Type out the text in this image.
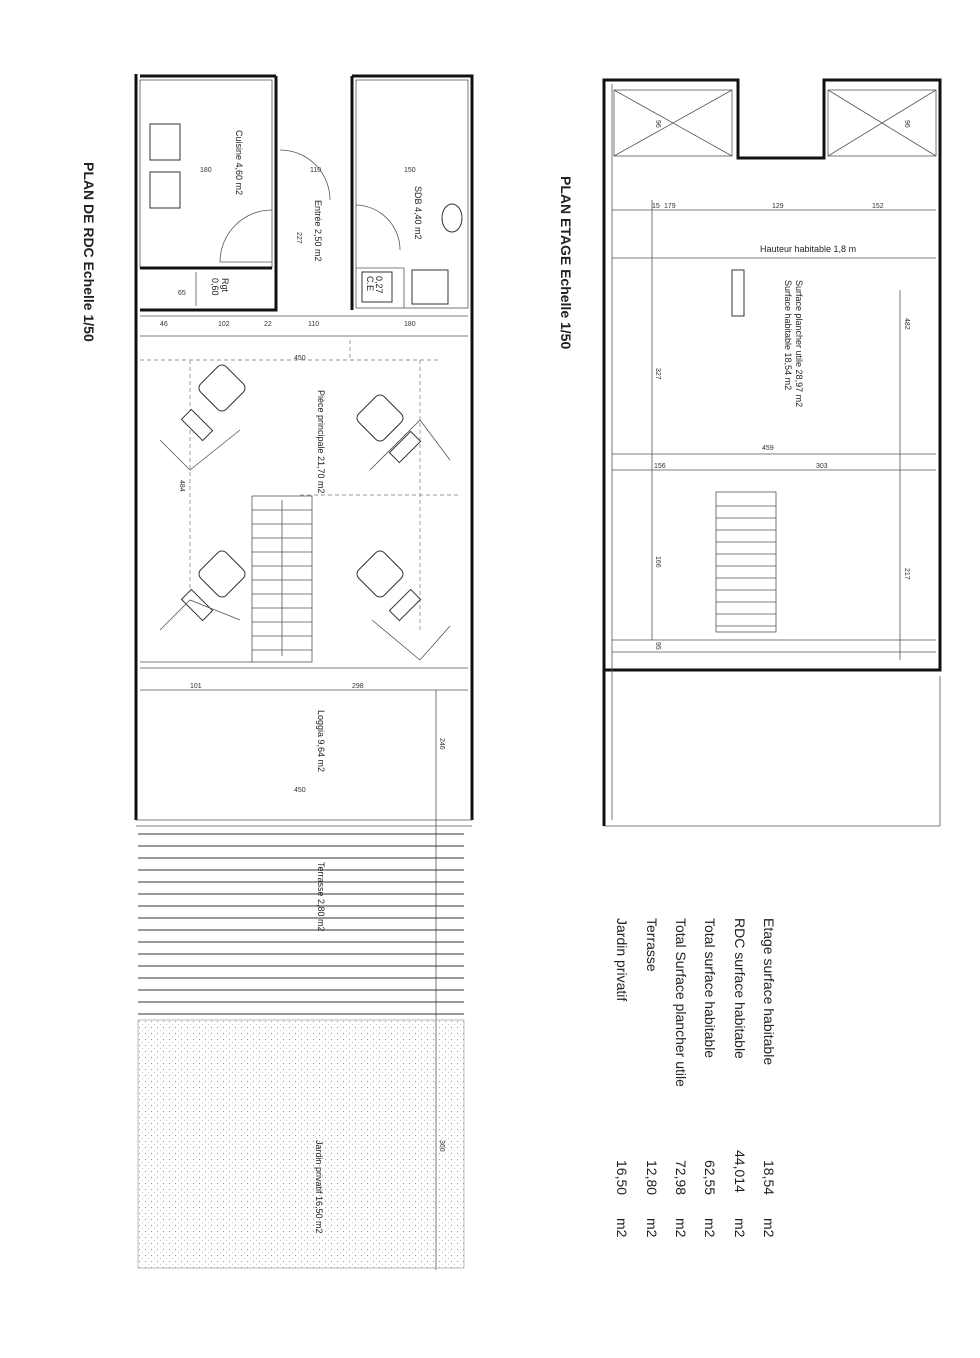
PLAN DE RDC Echelle 1/50	PLAN ETAGE Echelle 1/50
Cuisine 4,60 m2
Entrée 2,50 m2	SDB 4,40 m2
C.E 0,27
Rgt
0,60
Pièce principale 21,70 m2
Loggia 9,64 m2
Terrasse 2,80 m2
Jardin privatif 16,50 m2
Hauteur habitable 1,8 m
Surface habitable 18,54 m2 Surface plancher utile 28,97 m2
180	150
110
227
65
46	102	22	110	180
450
484
101	298
246
450
360
96	96
15 179	129	152
482
327
459
156	303
166
217
95
Etage surface habitable
18,54
m2
RDC surface habitable
44,014
m2
Total surface habitable
62,55
m2
Total Surface plancher utile
72,98
m2
Terrasse
12,80
m2
Jardin privatif
16,50
m2
